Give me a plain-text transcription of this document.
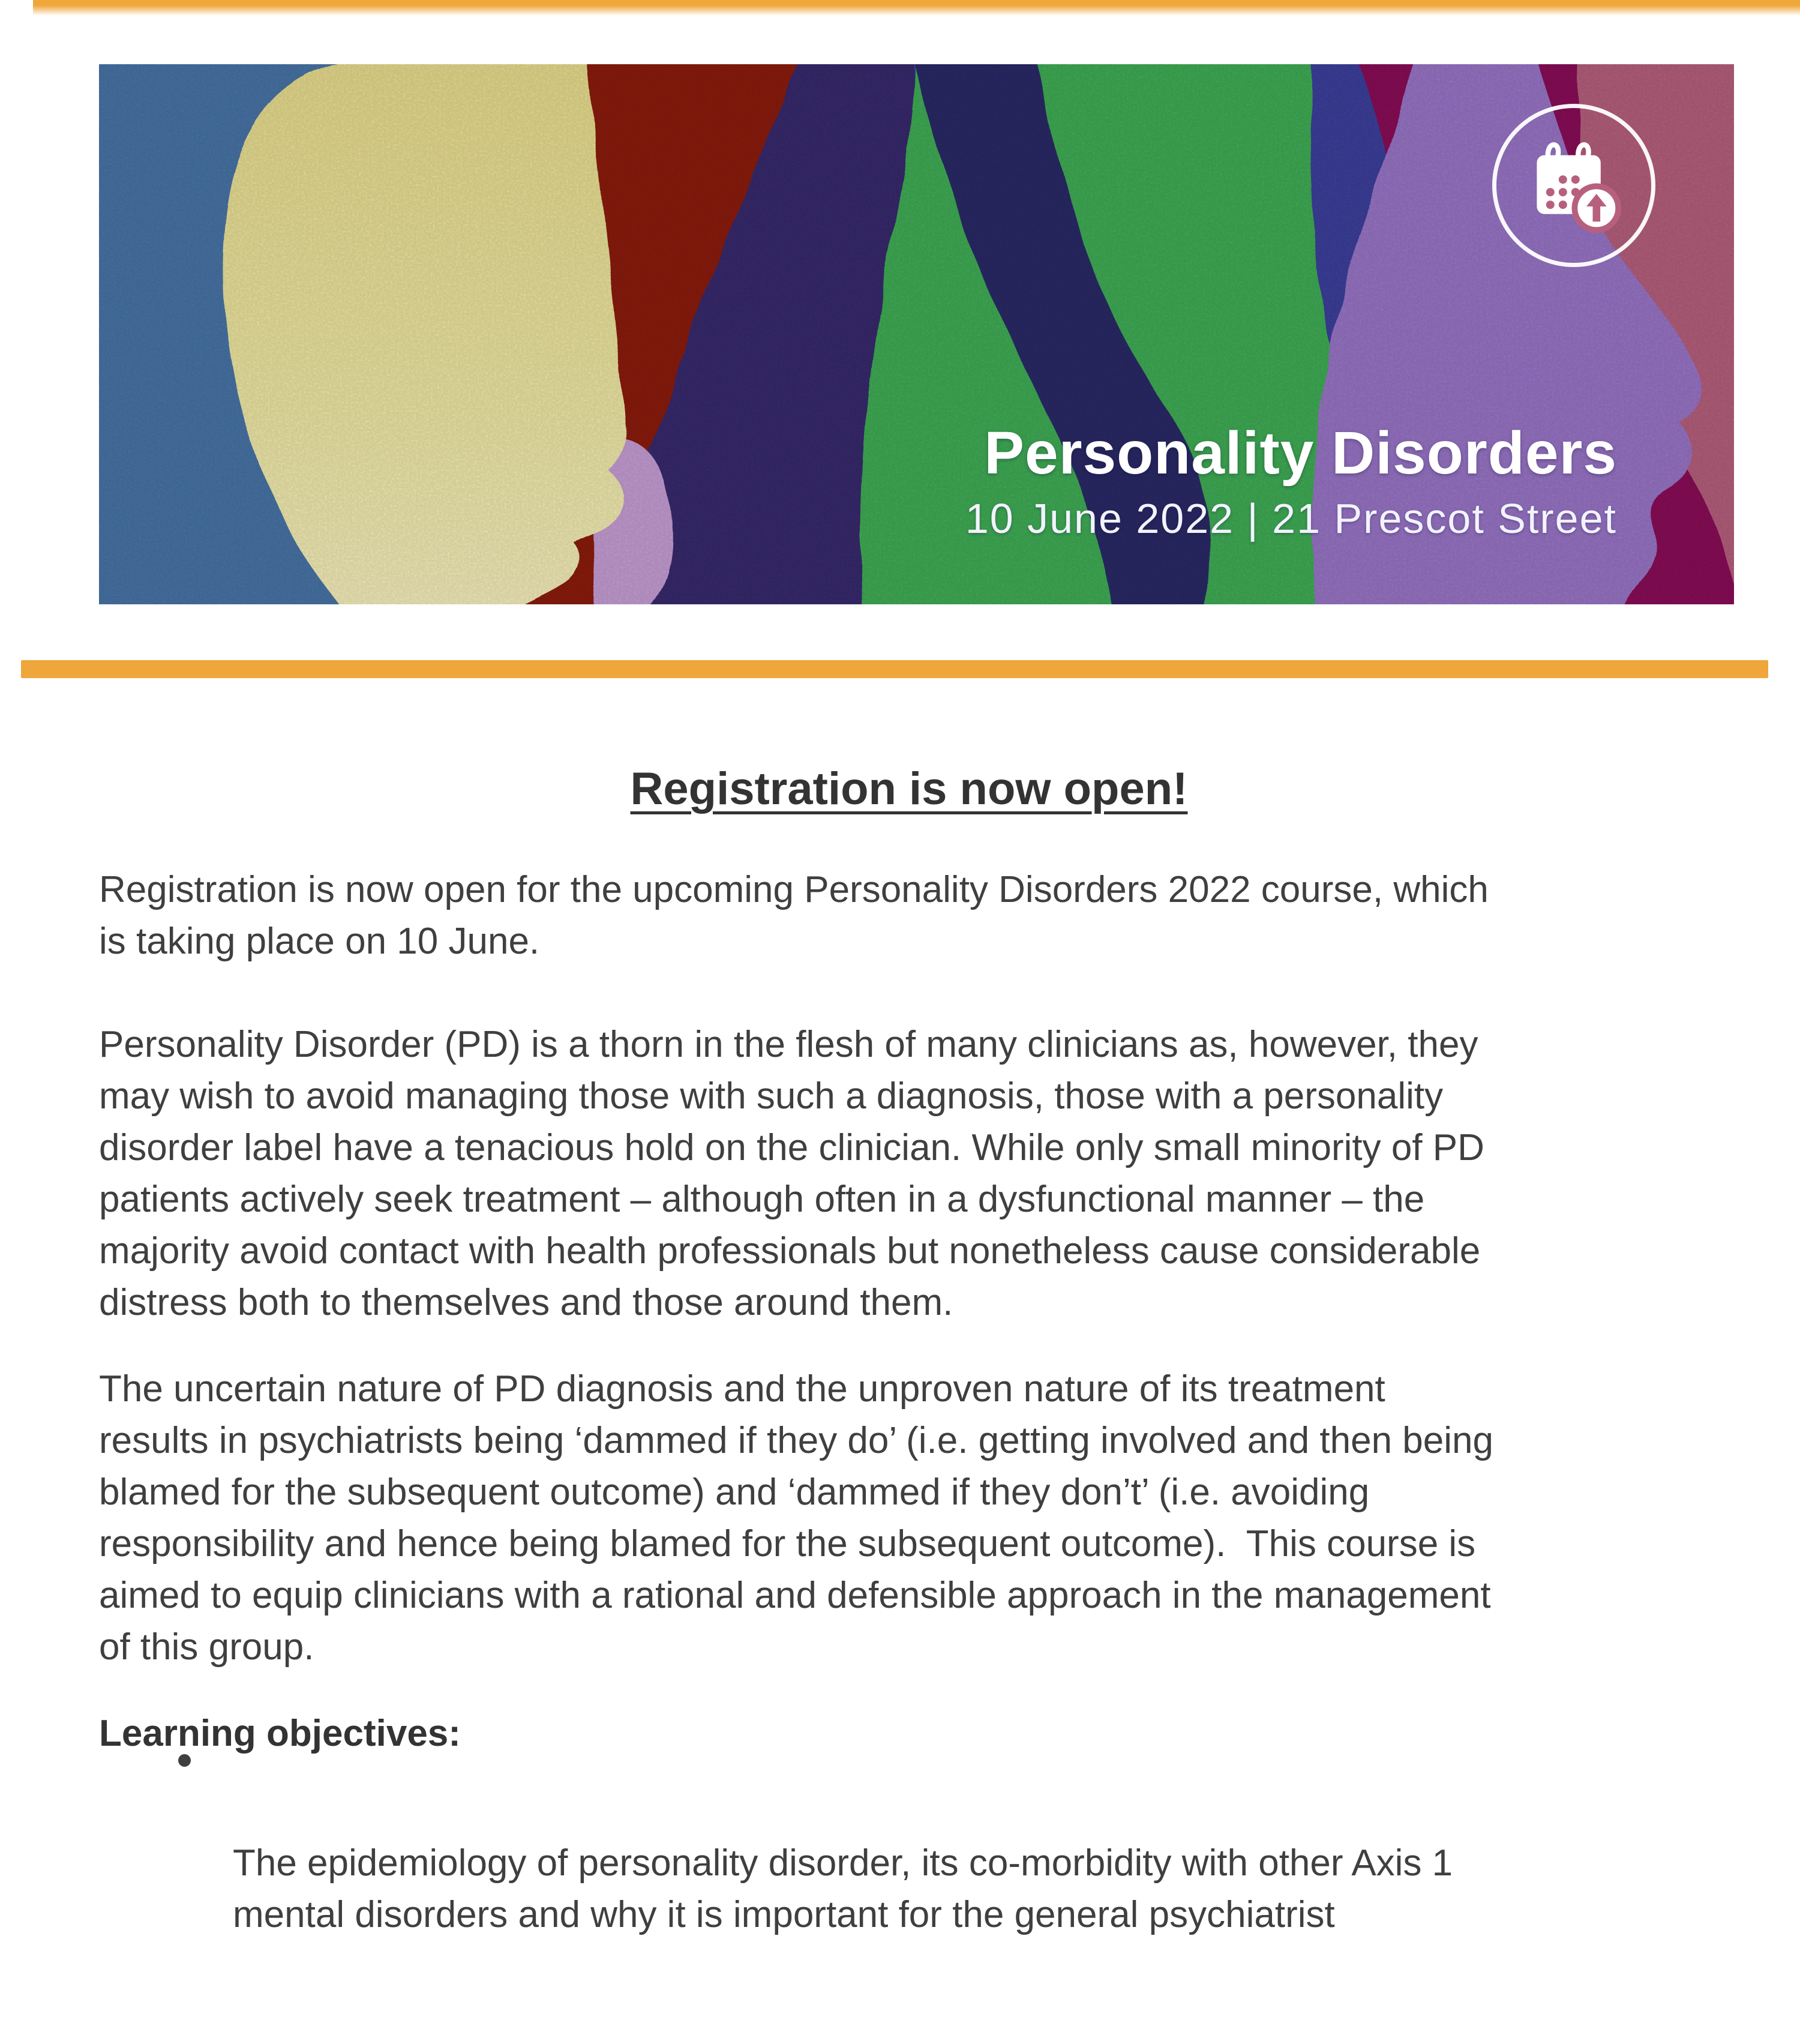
Personality Disorders
10 June 2022 | 21 Prescot Street
Registration is now open!
Registration is now open for the upcoming Personality Disorders 2022 course, which
is taking place on 10 June.
Personality Disorder (PD) is a thorn in the flesh of many clinicians as, however, they
may wish to avoid managing those with such a diagnosis, those with a personality
disorder label have a tenacious hold on the clinician. While only small minority of PD
patients actively seek treatment – although often in a dysfunctional manner – the
majority avoid contact with health professionals but nonetheless cause considerable
distress both to themselves and those around them.
The uncertain nature of PD diagnosis and the unproven nature of its treatment
results in psychiatrists being ‘dammed if they do’ (i.e. getting involved and then being
blamed for the subsequent outcome) and ‘dammed if they don’t’ (i.e. avoiding
responsibility and hence being blamed for the subsequent outcome).  This course is
aimed to equip clinicians with a rational and defensible approach in the management
of this group.
Learning objectives:

The epidemiology of personality disorder, its co-morbidity with other Axis 1
mental disorders and why it is important for the general psychiatrist
